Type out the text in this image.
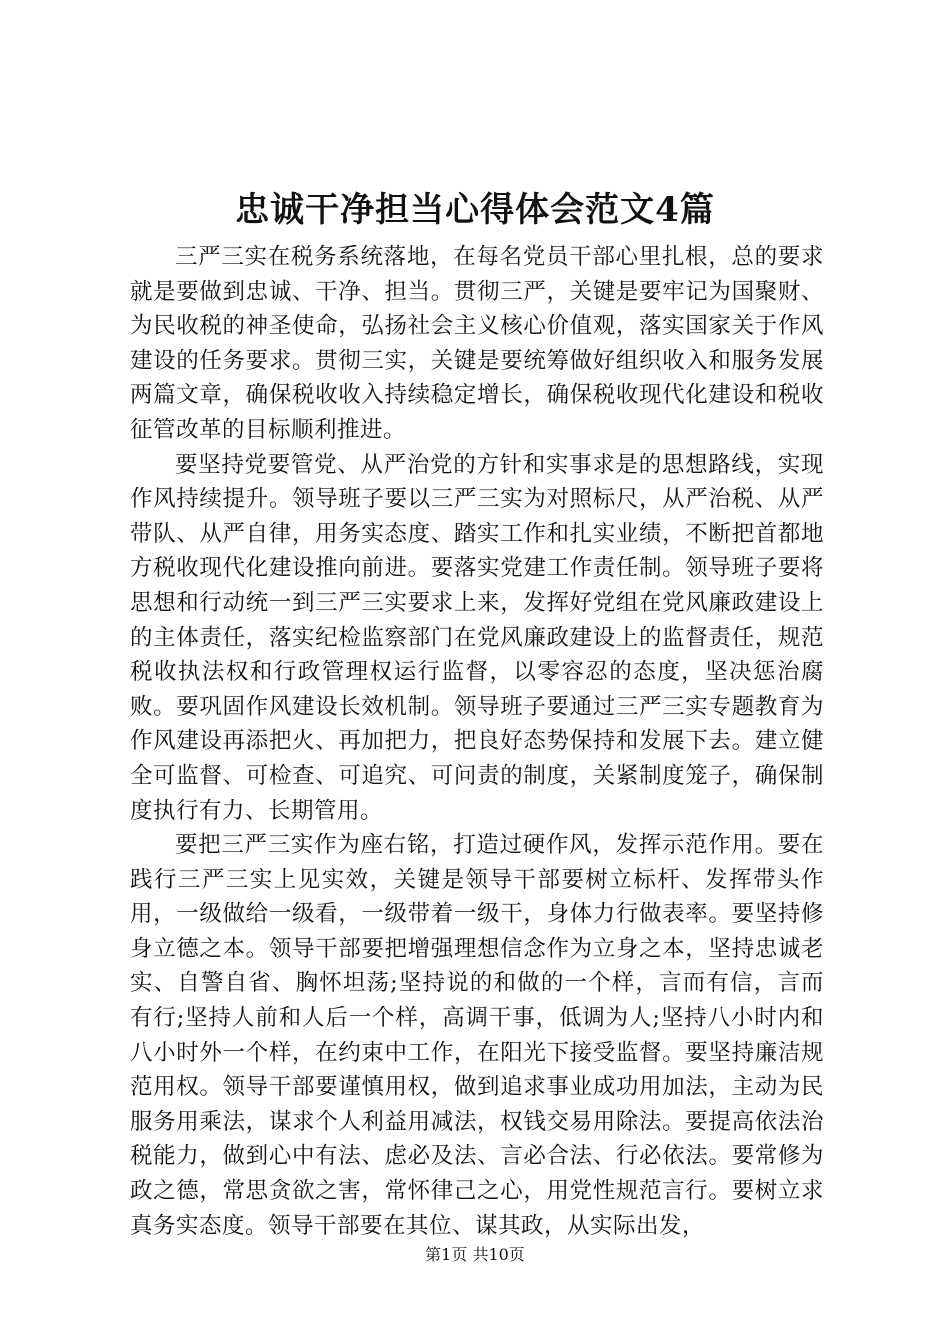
忠诚干净担当心得体会范文4篇

三严三实在税务系统落地，在每名党员干部心里扎根，总的要求就是要做到忠诚、干净、担当。贯彻三严，关键是要牢记为国聚财、为民收税的神圣使命，弘扬社会主义核心价值观，落实国家关于作风建设的任务要求。贯彻三实，关键是要统筹做好组织收入和服务发展两篇文章，确保税收收入持续稳定增长，确保税收现代化建设和税收征管改革的目标顺利推进。

要坚持党要管党、从严治党的方针和实事求是的思想路线，实现作风持续提升。领导班子要以三严三实为对照标尺，从严治税、从严带队、从严自律，用务实态度、踏实工作和扎实业绩，不断把首都地方税收现代化建设推向前进。要落实党建工作责任制。领导班子要将思想和行动统一到三严三实要求上来，发挥好党组在党风廉政建设上的主体责任，落实纪检监察部门在党风廉政建设上的监督责任，规范税收执法权和行政管理权运行监督，以零容忍的态度，坚决惩治腐败。要巩固作风建设长效机制。领导班子要通过三严三实专题教育为作风建设再添把火、再加把力，把良好态势保持和发展下去。建立健全可监督、可检查、可追究、可问责的制度，关紧制度笼子，确保制度执行有力、长期管用。

要把三严三实作为座右铭，打造过硬作风，发挥示范作用。要在践行三严三实上见实效，关键是领导干部要树立标杆、发挥带头作用，一级做给一级看，一级带着一级干，身体力行做表率。要坚持修身立德之本。领导干部要把增强理想信念作为立身之本，坚持忠诚老实、自警自省、胸怀坦荡;坚持说的和做的一个样，言而有信，言而有行;坚持人前和人后一个样，高调干事，低调为人;坚持八小时内和八小时外一个样，在约束中工作，在阳光下接受监督。要坚持廉洁规范用权。领导干部要谨慎用权，做到追求事业成功用加法，主动为民服务用乘法，谋求个人利益用减法，权钱交易用除法。要提高依法治税能力，做到心中有法、虑必及法、言必合法、行必依法。要常修为政之德，常思贪欲之害，常怀律己之心，用党性规范言行。要树立求真务实态度。领导干部要在其位、谋其政，从实际出发，

第1页 共10页
